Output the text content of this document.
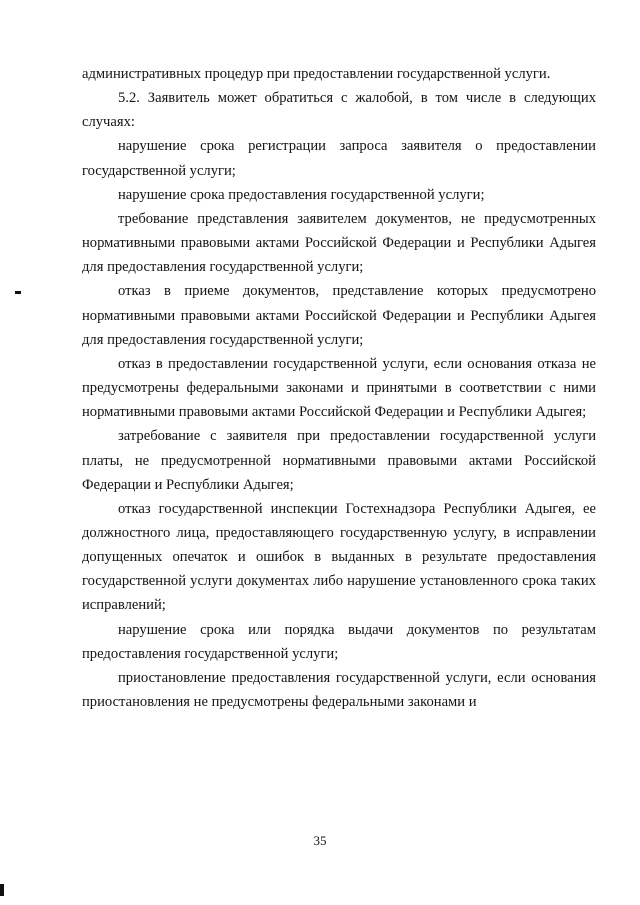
административных процедур при предоставлении государственной услуги.

5.2. Заявитель может обратиться с жалобой, в том числе в следующих случаях:

нарушение срока регистрации запроса заявителя о предоставлении государственной услуги;

нарушение срока предоставления государственной услуги;

требование представления заявителем документов, не предусмотренных нормативными правовыми актами Российской Федерации и Республики Адыгея для предоставления государственной услуги;

отказ в приеме документов, представление которых предусмотрено нормативными правовыми актами Российской Федерации и Республики Адыгея для предоставления государственной услуги;

отказ в предоставлении государственной услуги, если основания отказа не предусмотрены федеральными законами и принятыми в соответствии с ними нормативными правовыми актами Российской Федерации и Республики Адыгея;

затребование с заявителя при предоставлении государственной услуги платы, не предусмотренной нормативными правовыми актами Российской Федерации и Республики Адыгея;

отказ государственной инспекции Гостехнадзора Республики Адыгея, ее должностного лица, предоставляющего государственную услугу, в исправлении допущенных опечаток и ошибок в выданных в результате предоставления государственной услуги документах либо нарушение установленного срока таких исправлений;

нарушение срока или порядка выдачи документов по результатам предоставления государственной услуги;

приостановление предоставления государственной услуги, если основания приостановления не предусмотрены федеральными законами и

35
